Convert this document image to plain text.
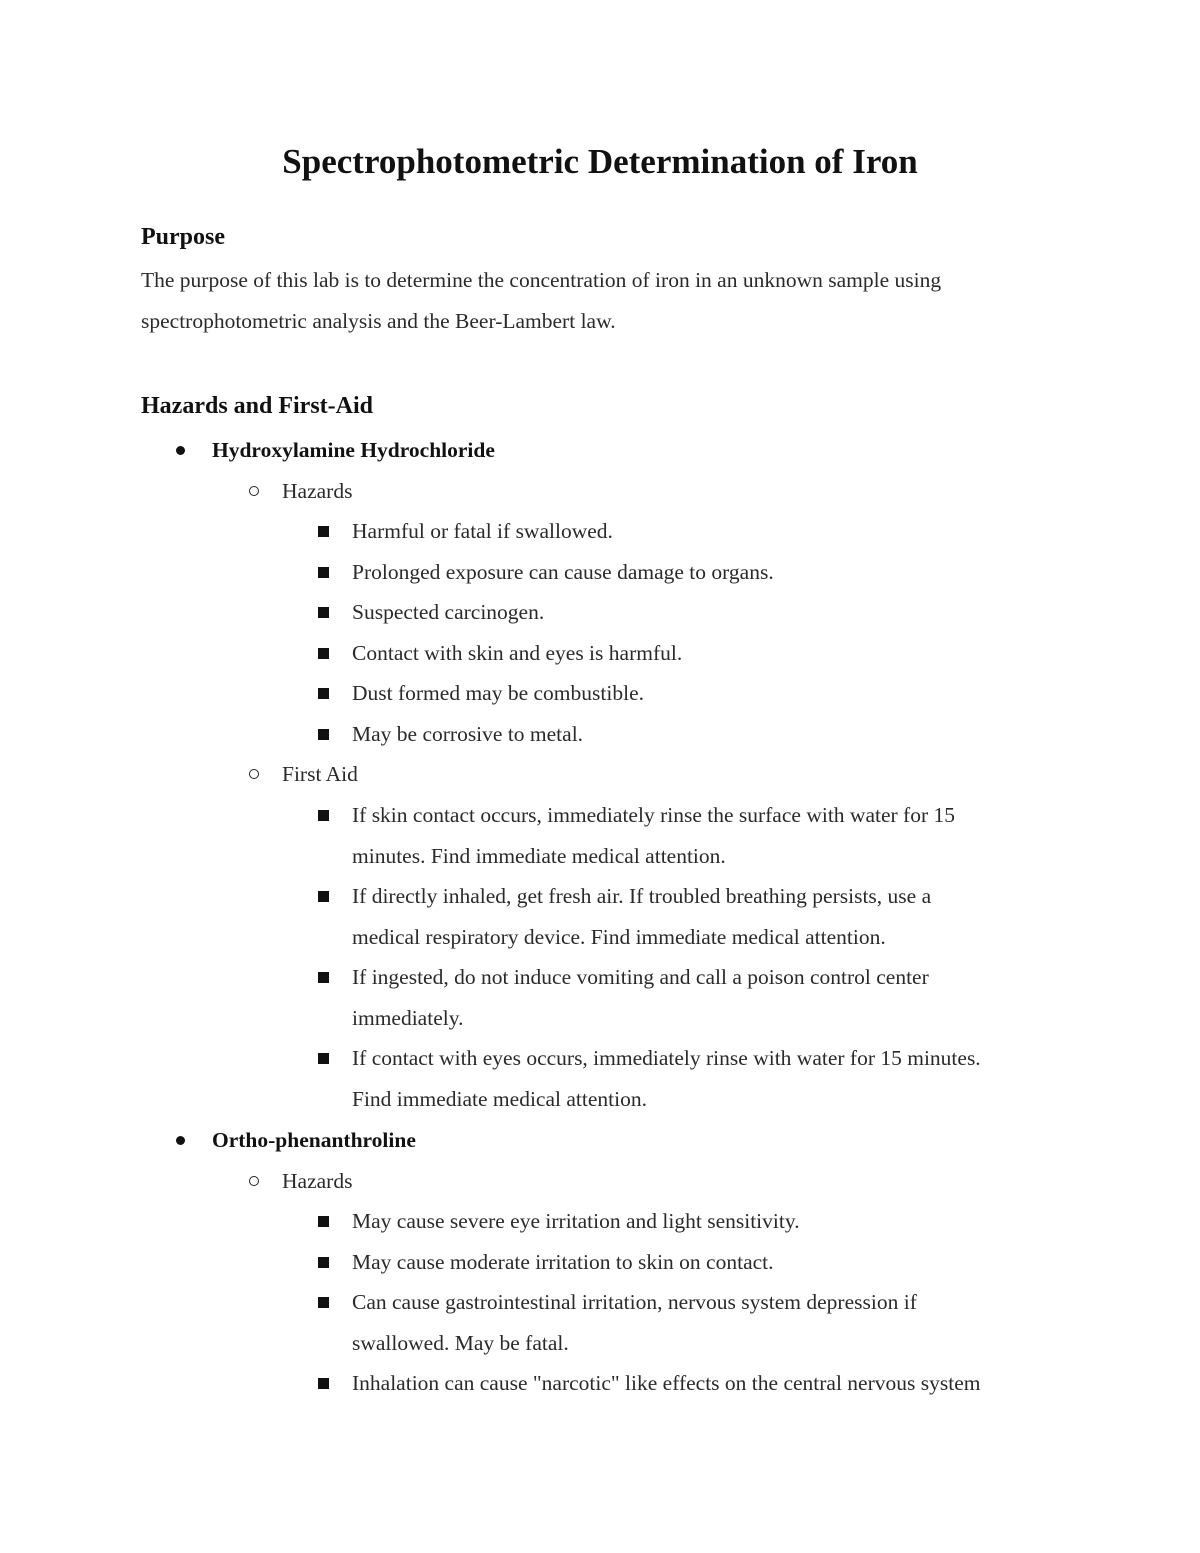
Spectrophotometric Determination of Iron
Purpose

The purpose of this lab is to determine the concentration of iron in an unknown sample using

spectrophotometric analysis and the Beer-Lambert law.

Hazards and First-Aid

Hydroxylamine Hydrochloride

Hazards

Harmful or fatal if swallowed.

Prolonged exposure can cause damage to organs.

Suspected carcinogen.

Contact with skin and eyes is harmful.

Dust formed may be combustible.

May be corrosive to metal.

First Aid

If skin contact occurs, immediately rinse the surface with water for 15

minutes. Find immediate medical attention.

If directly inhaled, get fresh air. If troubled breathing persists, use a

medical respiratory device. Find immediate medical attention.

If ingested, do not induce vomiting and call a poison control center

immediately.

If contact with eyes occurs, immediately rinse with water for 15 minutes.

Find immediate medical attention.

Ortho-phenanthroline

Hazards

May cause severe eye irritation and light sensitivity.

May cause moderate irritation to skin on contact.

Can cause gastrointestinal irritation, nervous system depression if

swallowed. May be fatal.

Inhalation can cause "narcotic" like effects on the central nervous system
